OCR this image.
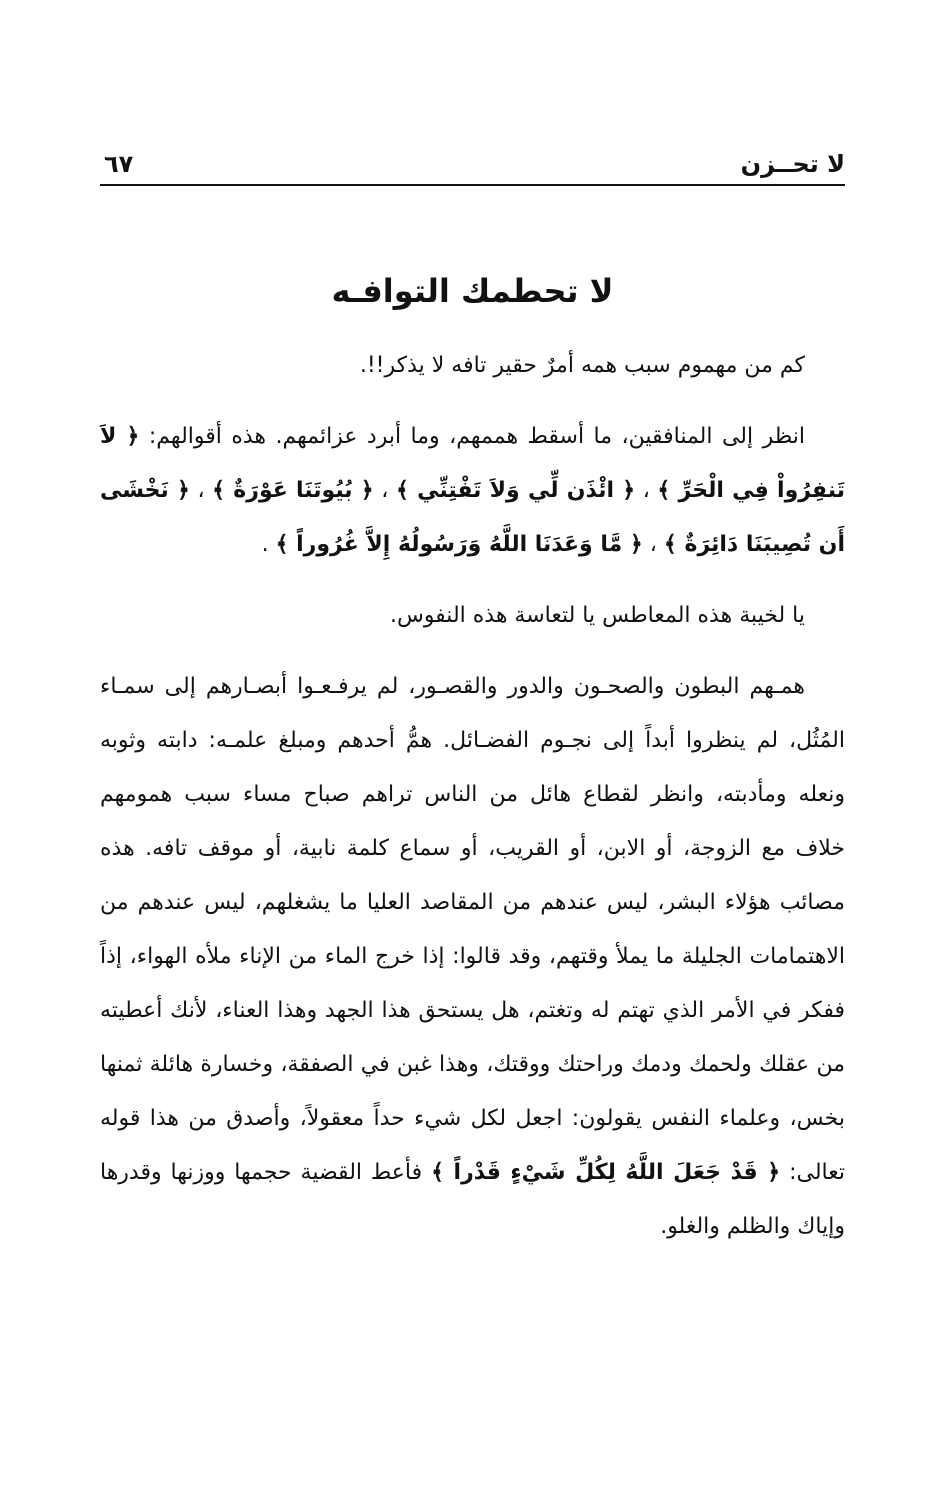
لا تحــزن
٦٧
لا تحطمك التوافـه

كم من مهموم سبب همه أمرٌ حقير تافه لا يذكر!!.

انظر إلى المنافقين، ما أسقط هممهم، وما أبرد عزائمهم. هذه أقوالهم: ﴿ لاَ تَنفِرُواْ فِي الْحَرِّ ﴾ ، ﴿ ائْذَن لِّي وَلاَ تَفْتِنِّي ﴾ ، ﴿ بُيُوتَنَا عَوْرَةٌ ﴾ ، ﴿ نَخْشَى أَن تُصِيبَنَا دَائِرَةٌ ﴾ ، ﴿ مَّا وَعَدَنَا اللَّهُ وَرَسُولُهُ إِلاَّ غُرُوراً ﴾ .

يا لخيبة هذه المعاطس يا لتعاسة هذه النفوس.

همـهم البطون والصحـون والدور والقصـور، لم يرفـعـوا أبصـارهم إلى سمـاء المُثُل، لم ينظروا أبداً إلى نجـوم الفضـائل. همُّ أحدهم ومبلغ علمـه: دابته وثوبه ونعله ومأدبته، وانظر لقطاع هائل من الناس تراهم صباح مساء سبب همومهم خلاف مع الزوجة، أو الابن، أو القريب، أو سماع كلمة نابية، أو موقف تافه. هذه مصائب هؤلاء البشر، ليس عندهم من المقاصد العليا ما يشغلهم، ليس عندهم من الاهتمامات الجليلة ما يملأ وقتهم، وقد قالوا: إذا خرج الماء من الإناء ملأه الهواء، إذاً ففكر في الأمر الذي تهتم له وتغتم، هل يستحق هذا الجهد وهذا العناء، لأنك أعطيته من عقلك ولحمك ودمك وراحتك ووقتك، وهذا غبن في الصفقة، وخسارة هائلة ثمنها بخس، وعلماء النفس يقولون: اجعل لكل شيء حداً معقولاً، وأصدق من هذا قوله تعالى: ﴿ قَدْ جَعَلَ اللَّهُ لِكُلِّ شَيْءٍ قَدْراً ﴾ فأعط القضية حجمها ووزنها وقدرها وإياك والظلم والغلو.
